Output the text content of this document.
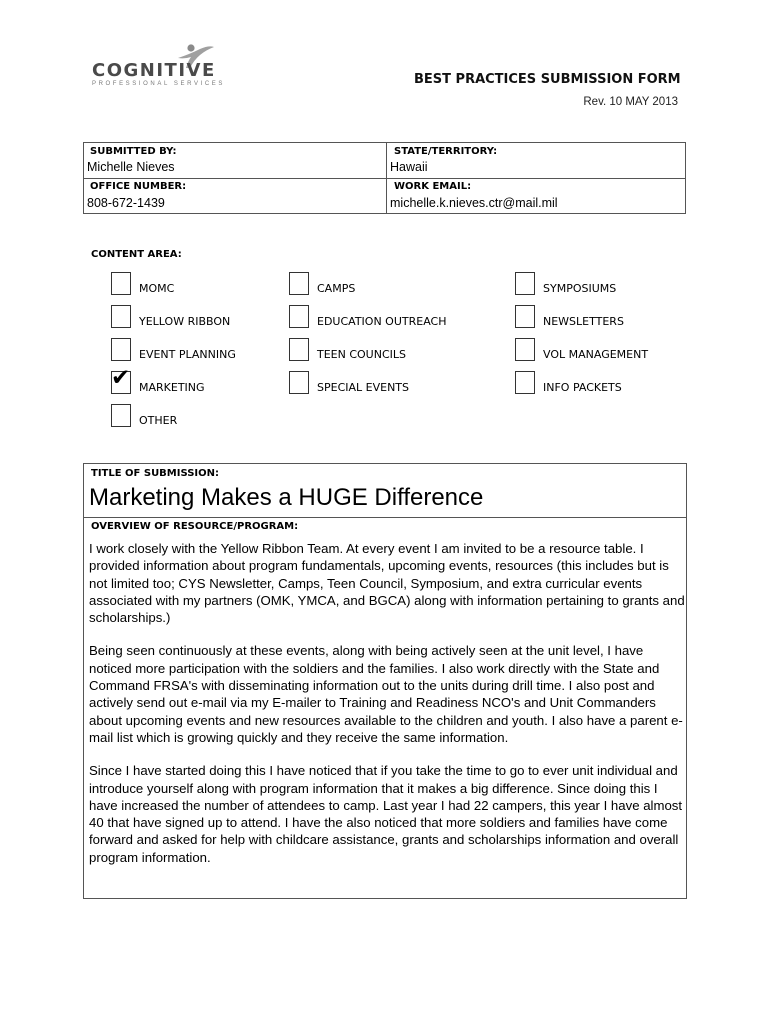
COGNITIVE
PROFESSIONAL SERVICES	BEST PRACTICES SUBMISSION FORM
Rev. 10 MAY 2013
SUBMITTED BY:
Michelle Nieves
STATE/TERRITORY:
Hawaii
OFFICE NUMBER:
808-672-1439
WORK EMAIL:
michelle.k.nieves.ctr@mail.mil
CONTENT AREA:
MOMC	CAMPS	SYMPOSIUMS
YELLOW RIBBON	EDUCATION OUTREACH	NEWSLETTERS
EVENT PLANNING	TEEN COUNCILS	VOL MANAGEMENT
✔ MARKETING	SPECIAL EVENTS	INFO PACKETS
OTHER
TITLE OF SUBMISSION:
Marketing Makes a HUGE Difference
OVERVIEW OF RESOURCE/PROGRAM:

I work closely with the Yellow Ribbon Team. At every event I am invited to be a resource table. I provided information about program fundamentals, upcoming events, resources (this includes but is not limited too; CYS Newsletter, Camps, Teen Council, Symposium, and extra curricular events associated with my partners (OMK, YMCA, and BGCA) along with information pertaining to grants and scholarships.)

Being seen continuously at these events, along with being actively seen at the unit level, I have noticed more participation with the soldiers and the families. I also work directly with the State and Command FRSA's with disseminating information out to the units during drill time. I also post and actively send out e-mail via my E-mailer to Training and Readiness NCO's and Unit Commanders about upcoming events and new resources available to the children and youth. I also have a parent e-mail list which is growing quickly and they receive the same information.

Since I have started doing this I have noticed that if you take the time to go to ever unit individual and introduce yourself along with program information that it makes a big difference. Since doing this I have increased the number of attendees to camp. Last year I had 22 campers, this year I have almost 40 that have signed up to attend. I have the also noticed that more soldiers and families have come forward and asked for help with childcare assistance, grants and scholarships information and overall program information.
